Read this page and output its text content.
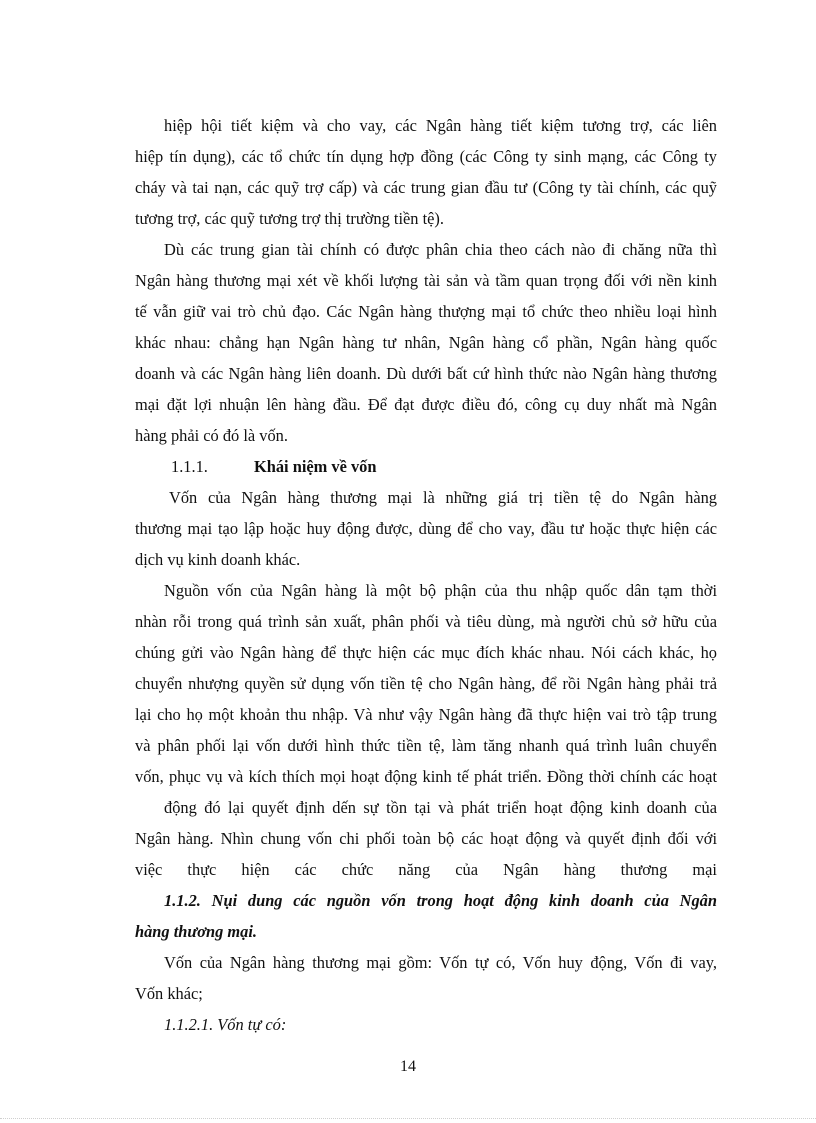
hiệp hội tiết kiệm và cho vay, các Ngân hàng tiết kiệm tương trợ, các liên
hiệp tín dụng), các tổ chức tín dụng hợp đồng (các Công ty sinh mạng, các Công ty
cháy và tai nạn, các quỹ trợ cấp) và các trung gian đầu tư (Công ty tài chính, các quỹ
tương trợ, các quỹ tương trợ thị trường tiền tệ).
Dù các trung gian tài chính có được phân chia theo cách nào đi chăng nữa thì
Ngân hàng thương mại xét về khối lượng tài sản và tầm quan trọng đối với nền kinh
tế vẫn giữ vai trò chủ đạo. Các Ngân hàng thượng mại tổ chức theo nhiều loại hình
khác nhau: chẳng hạn Ngân hàng tư nhân, Ngân hàng cổ phần, Ngân hàng quốc
doanh và các Ngân hàng liên doanh. Dù dưới bất cứ hình thức nào Ngân hàng thương
mại đặt lợi nhuận lên hàng đầu. Để đạt được điều đó, công cụ duy nhất mà Ngân
hàng phải có đó là vốn.
1.1.1.	Khái niệm về vốn
Vốn của Ngân hàng thương mại là những giá trị tiền tệ do Ngân hàng
thương mại tạo lập hoặc huy động được, dùng để cho vay, đầu tư hoặc thực hiện các
dịch vụ kinh doanh khác.
Nguồn vốn của Ngân hàng là một bộ phận của thu nhập quốc dân tạm thời
nhàn rỗi trong quá trình sản xuất, phân phối và tiêu dùng, mà người chủ sở hữu của
chúng gửi vào Ngân hàng để thực hiện các mục đích khác nhau. Nói cách khác, họ
chuyển nhượng quyền sử dụng vốn tiền tệ cho Ngân hàng, để rồi Ngân hàng phải trả
lại cho họ một khoản thu nhập. Và như vậy Ngân hàng đã thực hiện vai trò tập trung
và phân phối lại vốn dưới hình thức tiền tệ, làm tăng nhanh quá trình luân chuyển
vốn, phục vụ và kích thích mọi hoạt động kinh tế phát triển. Đồng thời chính các hoạt
động đó lại quyết định dến sự tồn tại và phát triển hoạt động kinh doanh của
Ngân hàng. Nhìn chung vốn chi phối toàn bộ các hoạt động và quyết định đối với
việc thực hiện các chức năng của Ngân hàng thương mại
1.1.2. Nụi dung các nguồn vốn trong hoạt động kinh doanh của Ngân
hàng thương mại.
Vốn của Ngân hàng thương mại gồm: Vốn tự có, Vốn huy động, Vốn đi vay,
Vốn khác;
1.1.2.1. Vốn tự có:
14
